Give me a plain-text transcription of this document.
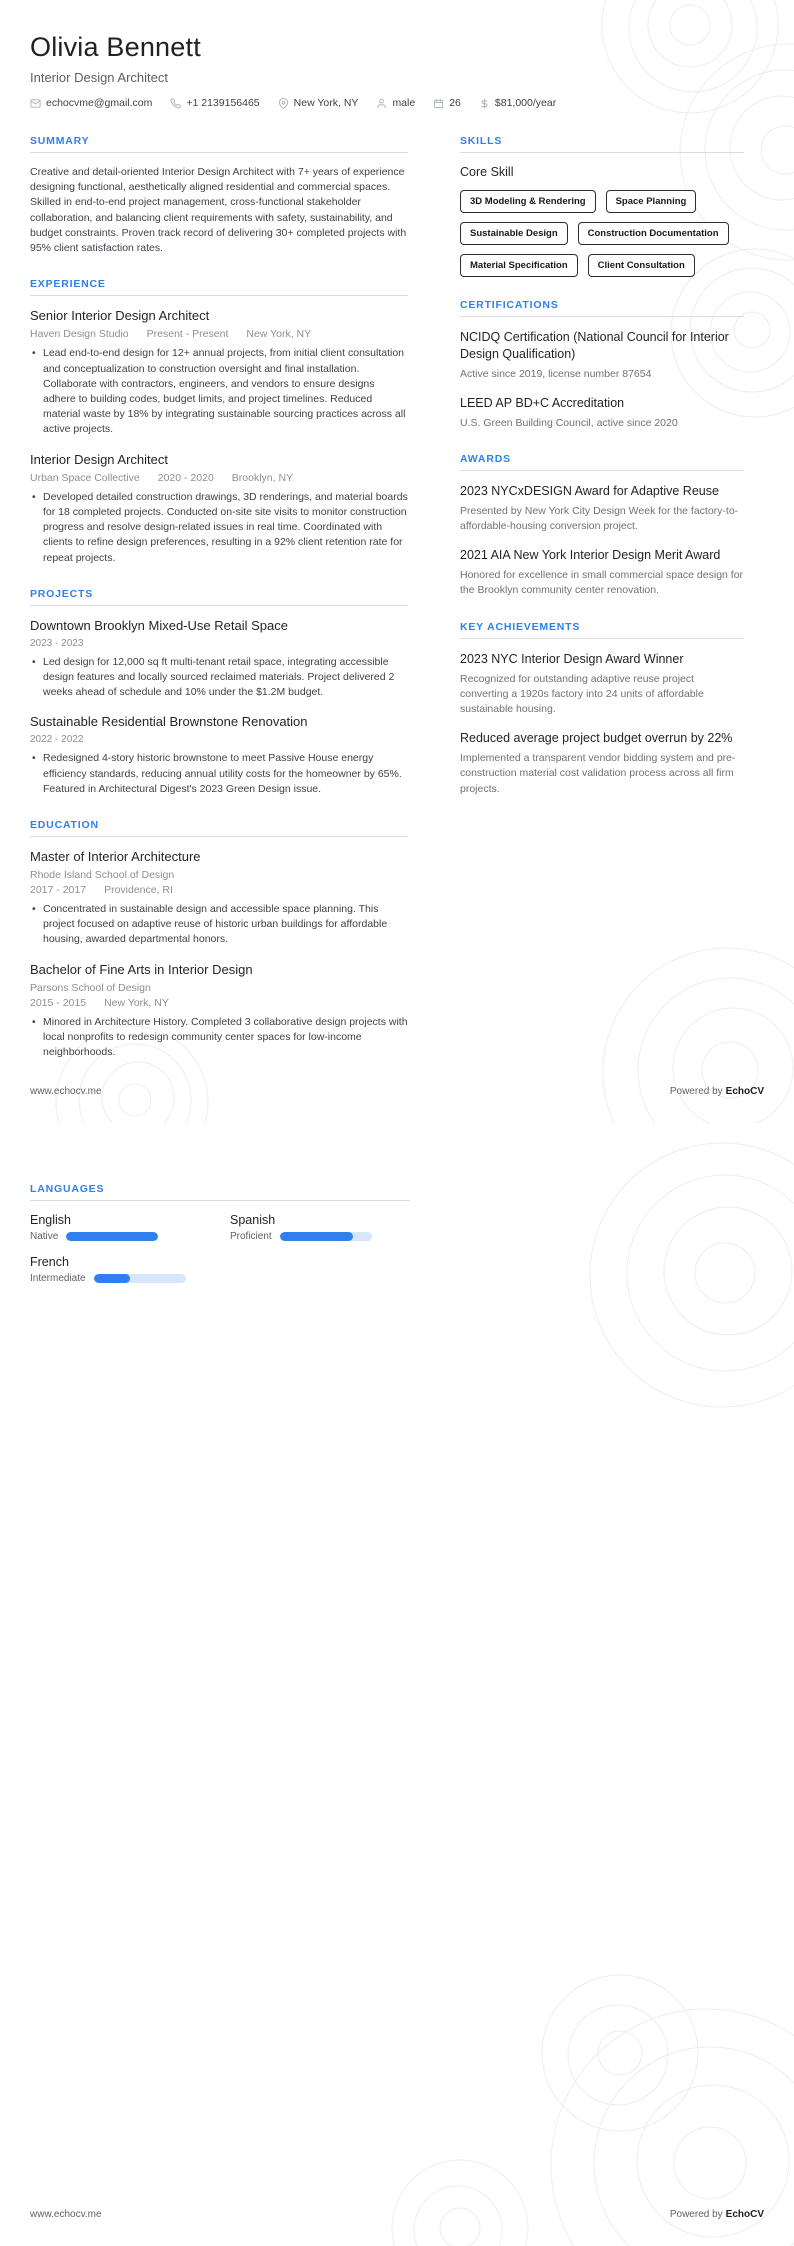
Olivia Bennett
Interior Design Architect
echocvme@gmail.com	+1 2139156465	New York, NY	male	26	$81,000/year
SUMMARY

Creative and detail-oriented Interior Design Architect with 7+ years of experience designing functional, aesthetically aligned residential and commercial spaces. Skilled in end-to-end project management, cross-functional stakeholder collaboration, and balancing client requirements with safety, sustainability, and budget constraints. Proven track record of delivering 30+ completed projects with 95% client satisfaction rates.

EXPERIENCE
Senior Interior Design Architect
Haven Design Studio Present - Present New York, NY
• Lead end-to-end design for 12+ annual projects, from initial client consultation and conceptualization to construction oversight and final installation. Collaborate with contractors, engineers, and vendors to ensure designs adhere to building codes, budget limits, and project timelines. Reduced material waste by 18% by integrating sustainable sourcing practices across all active projects.
Interior Design Architect
Urban Space Collective 2020 - 2020 Brooklyn, NY
• Developed detailed construction drawings, 3D renderings, and material boards for 18 completed projects. Conducted on-site site visits to monitor construction progress and resolve design-related issues in real time. Coordinated with clients to refine design preferences, resulting in a 92% client retention rate for repeat projects.
PROJECTS
Downtown Brooklyn Mixed-Use Retail Space
2023 - 2023
• Led design for 12,000 sq ft multi-tenant retail space, integrating accessible design features and locally sourced reclaimed materials. Project delivered 2 weeks ahead of schedule and 10% under the $1.2M budget.
Sustainable Residential Brownstone Renovation
2022 - 2022
• Redesigned 4-story historic brownstone to meet Passive House energy efficiency standards, reducing annual utility costs for the homeowner by 65%. Featured in Architectural Digest's 2023 Green Design issue.
EDUCATION
Master of Interior Architecture
Rhode Island School of Design
2017 - 2017 Providence, RI
• Concentrated in sustainable design and accessible space planning. This project focused on adaptive reuse of historic urban buildings for affordable housing, awarded departmental honors.
Bachelor of Fine Arts in Interior Design
Parsons School of Design
2015 - 2015 New York, NY
• Minored in Architecture History. Completed 3 collaborative design projects with local nonprofits to redesign community center spaces for low-income neighborhoods.
SKILLS
Core Skill
3D Modeling & Rendering	Space Planning
Sustainable Design	Construction Documentation
Material Specification	Client Consultation
CERTIFICATIONS
NCIDQ Certification (National Council for Interior Design Qualification)
Active since 2019, license number 87654
LEED AP BD+C Accreditation
U.S. Green Building Council, active since 2020
AWARDS
2023 NYCxDESIGN Award for Adaptive Reuse
Presented by New York City Design Week for the factory-to-affordable-housing conversion project.
2021 AIA New York Interior Design Merit Award
Honored for excellence in small commercial space design for the Brooklyn community center renovation.
KEY ACHIEVEMENTS
2023 NYC Interior Design Award Winner
Recognized for outstanding adaptive reuse project converting a 1920s factory into 24 units of affordable sustainable housing.
Reduced average project budget overrun by 22%
Implemented a transparent vendor bidding system and pre-construction material cost validation process across all firm projects.
www.echocv.me	Powered by EchoCV
LANGUAGES
English
Native
Spanish
Proficient
French
Intermediate
www.echocv.me	Powered by EchoCV
